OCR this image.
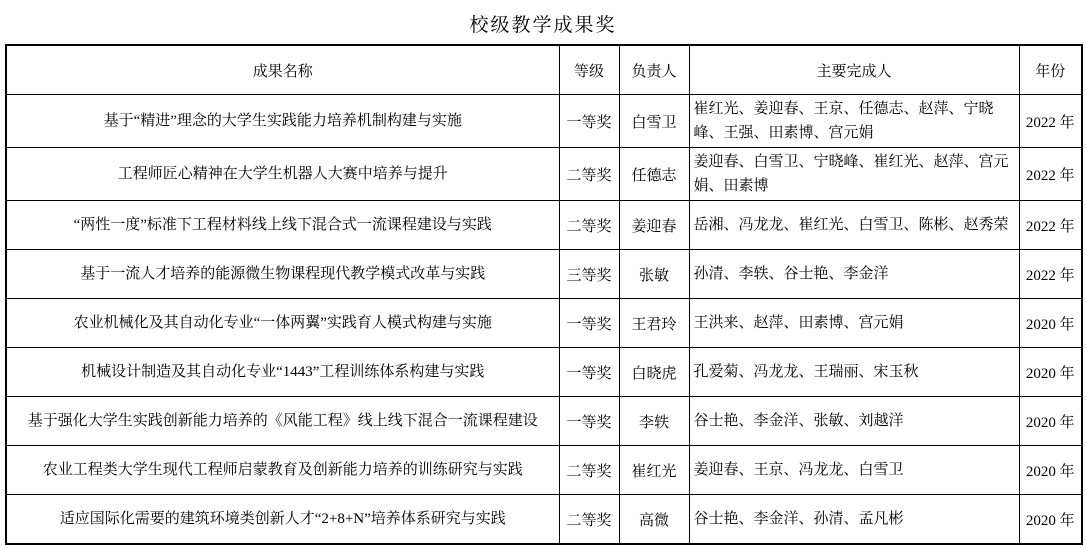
校级教学成果奖
成果名称	等级	负责人	主要完成人	年份
基于“精进”理念的大学生实践能力培养机制构建与实施	一等奖	白雪卫	崔红光、姜迎春、王京、任德志、赵萍、宁晓峰、王强、田素博、宫元娟	2022 年
工程师匠心精神在大学生机器人大赛中培养与提升	二等奖	任德志	姜迎春、白雪卫、宁晓峰、崔红光、赵萍、宫元娟、田素博	2022 年
“两性一度”标准下工程材料线上线下混合式一流课程建设与实践	二等奖	姜迎春	岳湘、冯龙龙、崔红光、白雪卫、陈彬、赵秀荣	2022 年
基于一流人才培养的能源微生物课程现代教学模式改革与实践	三等奖	张敏	孙清、李轶、谷士艳、李金洋	2022 年
农业机械化及其自动化专业“一体两翼”实践育人模式构建与实施	一等奖	王君玲	王洪来、赵萍、田素博、宫元娟	2020 年
机械设计制造及其自动化专业“1443”工程训练体系构建与实践	一等奖	白晓虎	孔爱菊、冯龙龙、王瑞丽、宋玉秋	2020 年
基于强化大学生实践创新能力培养的《风能工程》线上线下混合一流课程建设	一等奖	李轶	谷士艳、李金洋、张敏、刘越洋	2020 年
农业工程类大学生现代工程师启蒙教育及创新能力培养的训练研究与实践	二等奖	崔红光	姜迎春、王京、冯龙龙、白雪卫	2020 年
适应国际化需要的建筑环境类创新人才“2+8+N”培养体系研究与实践	二等奖	高微	谷士艳、李金洋、孙清、孟凡彬	2020 年
